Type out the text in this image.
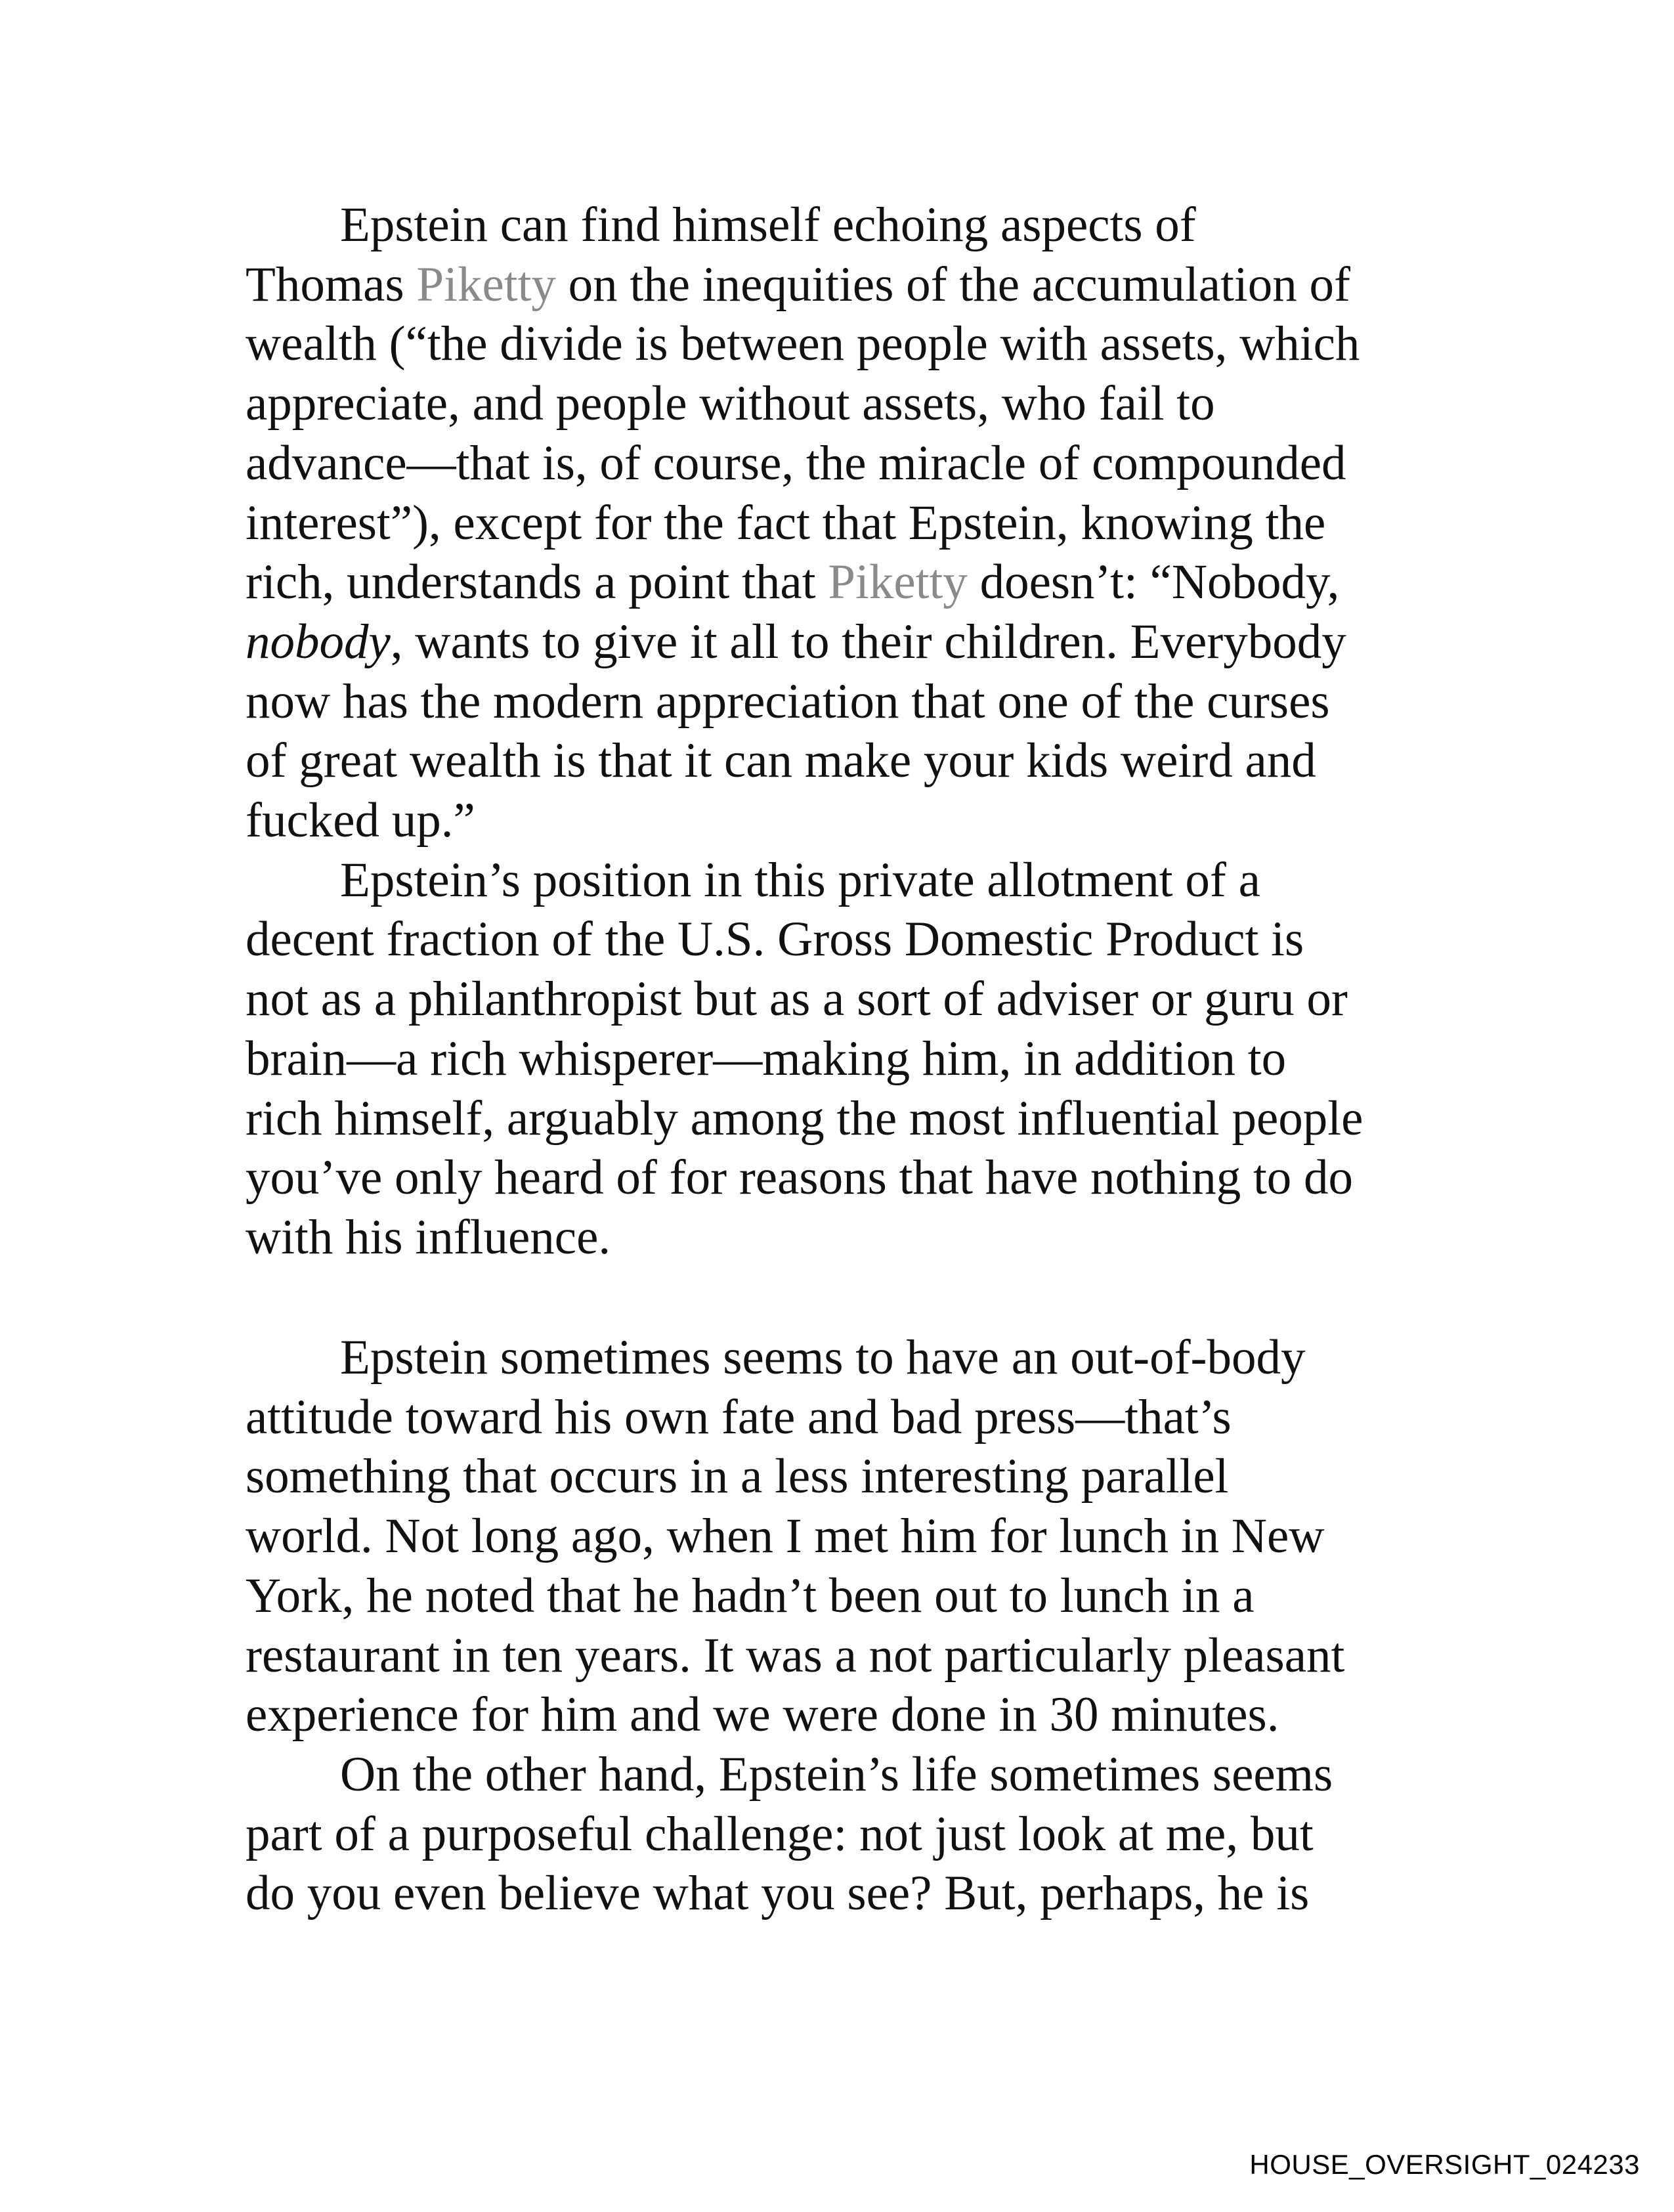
Epstein can find himself echoing aspects of
Thomas Piketty on the inequities of the accumulation of
wealth (“the divide is between people with assets, which
appreciate, and people without assets, who fail to
advance—that is, of course, the miracle of compounded
interest”), except for the fact that Epstein, knowing the
rich, understands a point that Piketty doesn’t: “Nobody,
nobody, wants to give it all to their children. Everybody
now has the modern appreciation that one of the curses
of great wealth is that it can make your kids weird and
fucked up.”
Epstein’s position in this private allotment of a
decent fraction of the U.S. Gross Domestic Product is
not as a philanthropist but as a sort of adviser or guru or
brain—a rich whisperer—making him, in addition to
rich himself, arguably among the most influential people
you’ve only heard of for reasons that have nothing to do
with his influence.
Epstein sometimes seems to have an out-of-body
attitude toward his own fate and bad press—that’s
something that occurs in a less interesting parallel
world. Not long ago, when I met him for lunch in New
York, he noted that he hadn’t been out to lunch in a
restaurant in ten years. It was a not particularly pleasant
experience for him and we were done in 30 minutes.
On the other hand, Epstein’s life sometimes seems
part of a purposeful challenge: not just look at me, but
do you even believe what you see? But, perhaps, he is
HOUSE_OVERSIGHT_024233
